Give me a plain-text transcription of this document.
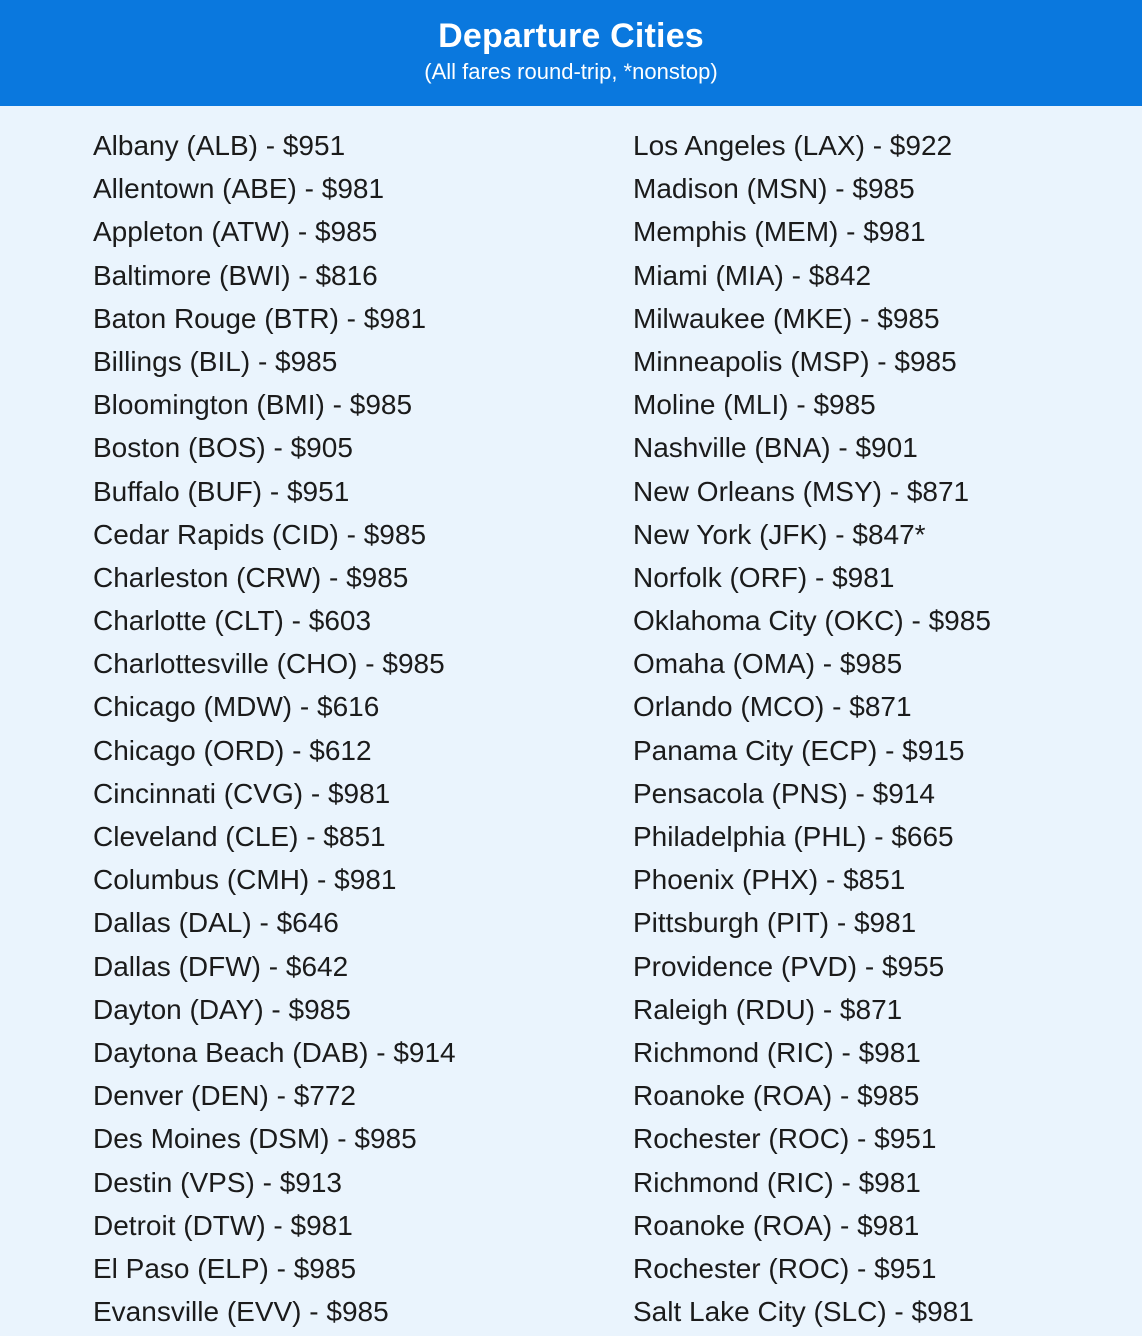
Departure Cities
(All fares round-trip, *nonstop)
Albany (ALB) - $951
Allentown (ABE) - $981
Appleton (ATW) - $985
Baltimore (BWI) - $816
Baton Rouge (BTR) - $981
Billings (BIL) - $985
Bloomington (BMI) - $985
Boston (BOS) - $905
Buffalo (BUF) - $951
Cedar Rapids (CID) - $985
Charleston (CRW) - $985
Charlotte (CLT) - $603
Charlottesville (CHO) - $985
Chicago (MDW) - $616
Chicago (ORD) - $612
Cincinnati (CVG) - $981
Cleveland (CLE) - $851
Columbus (CMH) - $981
Dallas (DAL) - $646
Dallas (DFW) - $642
Dayton (DAY) - $985
Daytona Beach (DAB) - $914
Denver (DEN) - $772
Des Moines (DSM) - $985
Destin (VPS) - $913
Detroit (DTW) - $981
El Paso (ELP) - $985
Evansville (EVV) - $985
Los Angeles (LAX) - $922
Madison (MSN) - $985
Memphis (MEM) - $981
Miami (MIA) - $842
Milwaukee (MKE) - $985
Minneapolis (MSP) - $985
Moline (MLI) - $985
Nashville (BNA) - $901
New Orleans (MSY) - $871
New York (JFK) - $847*
Norfolk (ORF) - $981
Oklahoma City (OKC) - $985
Omaha (OMA) - $985
Orlando (MCO) - $871
Panama City (ECP) - $915
Pensacola (PNS) - $914
Philadelphia (PHL) - $665
Phoenix (PHX) - $851
Pittsburgh (PIT) - $981
Providence (PVD) - $955
Raleigh (RDU) - $871
Richmond (RIC) - $981
Roanoke (ROA) - $985
Rochester (ROC) - $951
Richmond (RIC) - $981
Roanoke (ROA) - $981
Rochester (ROC) - $951
Salt Lake City (SLC) - $981
